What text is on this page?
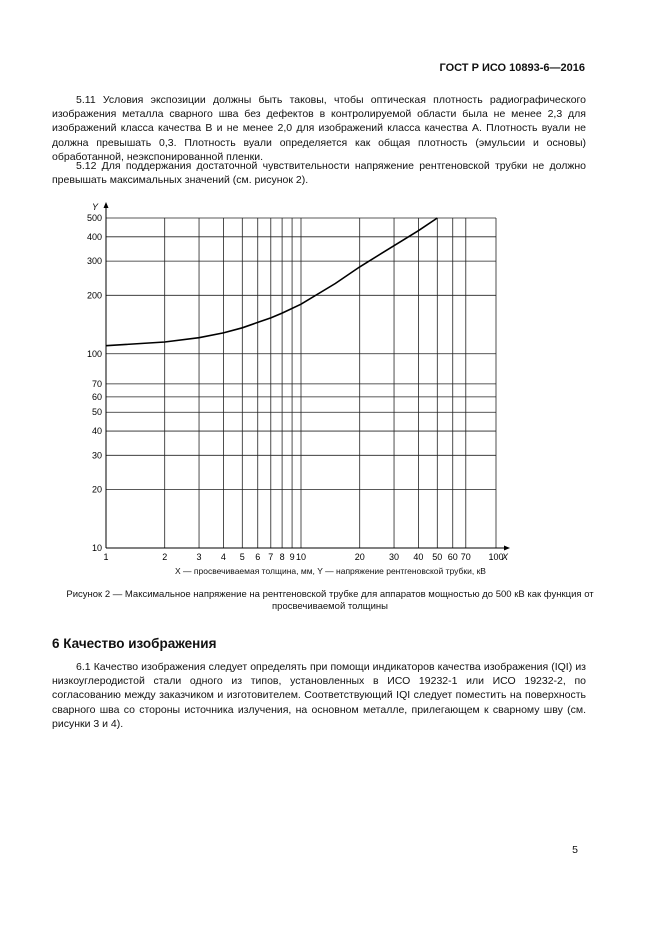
ГОСТ Р ИСО 10893-6—2016

5.11 Условия экспозиции должны быть таковы, чтобы оптическая плотность радиографического изображения металла сварного шва без дефектов в контролируемой области была не менее 2,3 для изображений класса качества В и не менее 2,0 для изображений класса качества А. Плотность вуали не должна превышать 0,3. Плотность вуали определяется как общая плотность (эмульсии и основы) обработанной, неэкспонированной пленки.

5.12 Для поддержания достаточной чувствительности напряжение рентгеновской трубки не должно превышать максимальных значений (см. рисунок 2).

1	2	3 4 5 6 7 8 9 10	20	30 40 50 60 70 100
10
20
30
40
50
60
70
100
200
300
400
500
X
Y
X — просвечиваемая толщина, мм, Y — напряжение рентгеновской трубки, кВ
Рисунок 2 — Максимальное напряжение на рентгеновской трубке для аппаратов мощностью до 500 кВ как функция от просвечиваемой толщины
6 Качество изображения

6.1 Качество изображения следует определять при помощи индикаторов качества изображения (IQI) из низкоуглеродистой стали одного из типов, установленных в ИСО 19232-1 или ИСО 19232-2, по согласованию между заказчиком и изготовителем. Соответствующий IQI следует поместить на поверхность сварного шва со стороны источника излучения, на основном металле, прилегающем к сварному шву (см. рисунки 3 и 4).

5
